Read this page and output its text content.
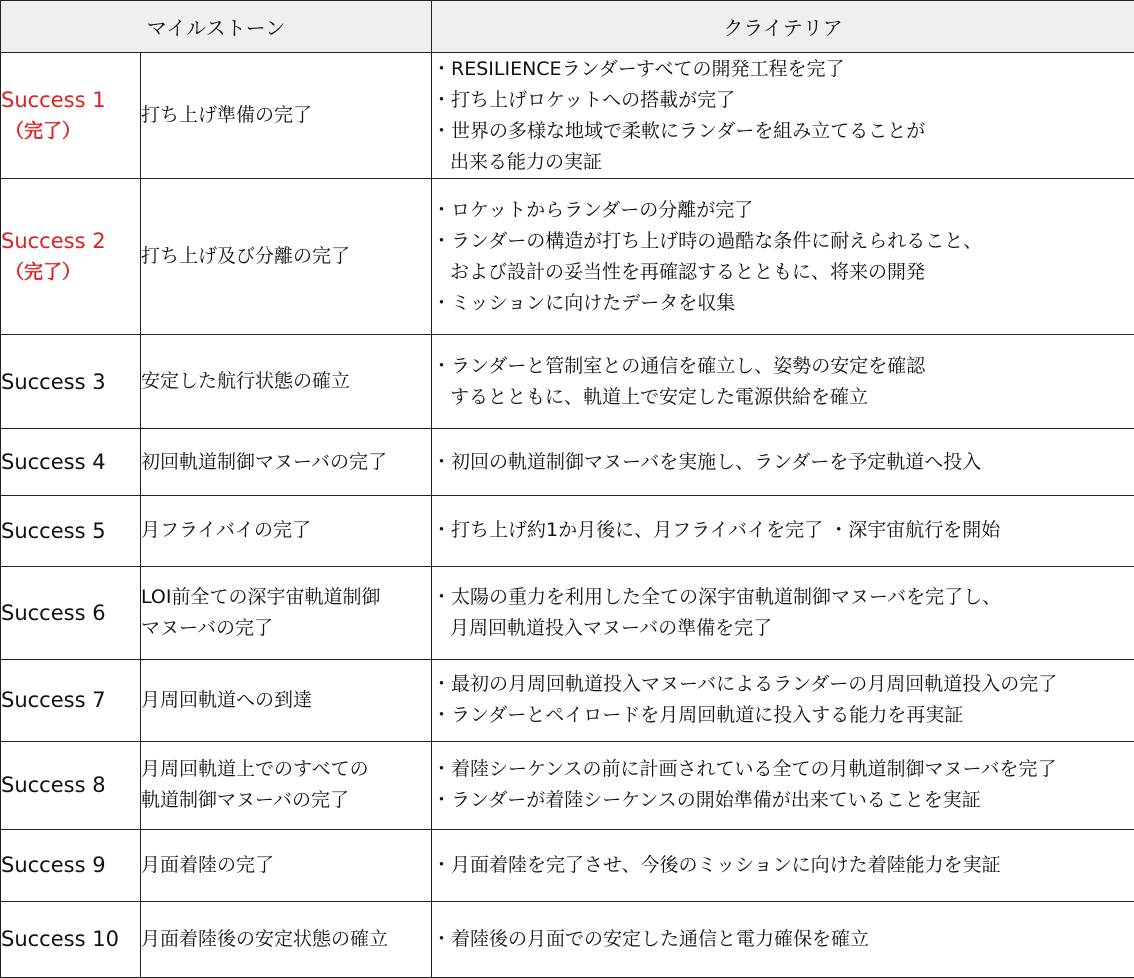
マイルストーン		クライテリア
Success 1
（完了）	打ち上げ準備の完了	・RESILIENCEランダーすべての開発工程を完了
・打ち上げロケットへの搭載が完了
・世界の多様な地域で柔軟にランダーを組み立てることが
出来る能力の実証

Success 2
（完了）	打ち上げ及び分離の完了	・ロケットからランダーの分離が完了
・ランダーの構造が打ち上げ時の過酷な条件に耐えられること、
および設計の妥当性を再確認するとともに、将来の開発
・ミッションに向けたデータを収集

Success 3	安定した航行状態の確立	・ランダーと管制室との通信を確立し、姿勢の安定を確認
するとともに、軌道上で安定した電源供給を確立

Success 4	初回軌道制御マヌーバの完了	・初回の軌道制御マヌーバを実施し、ランダーを予定軌道へ投入

Success 5	月フライバイの完了	・打ち上げ約1か月後に、月フライバイを完了 ・深宇宙航行を開始

Success 6	LOI前全ての深宇宙軌道制御
マヌーバの完了	・太陽の重力を利用した全ての深宇宙軌道制御マヌーバを完了し、
月周回軌道投入マヌーバの準備を完了

Success 7	月周回軌道への到達	・最初の月周回軌道投入マヌーバによるランダーの月周回軌道投入の完了
・ランダーとペイロードを月周回軌道に投入する能力を再実証

Success 8	月周回軌道上でのすべての
軌道制御マヌーバの完了	・着陸シーケンスの前に計画されている全ての月軌道制御マヌーバを完了
・ランダーが着陸シーケンスの開始準備が出来ていることを実証

Success 9	月面着陸の完了	・月面着陸を完了させ、今後のミッションに向けた着陸能力を実証

Success 10	月面着陸後の安定状態の確立	・着陸後の月面での安定した通信と電力確保を確立
